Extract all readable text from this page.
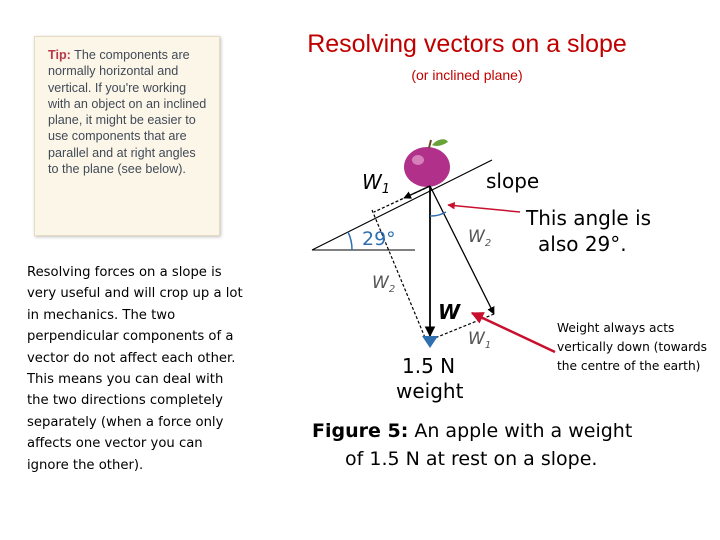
Tip: The components are normally horizontal and vertical. If you're working with an object on an inclined plane, it might be easier to use components that are parallel and at right angles to the plane (see below).
Resolving vectors on a slope
(or inclined plane)
Resolving forces on a slope is very useful and will crop up a lot in mechanics. The two perpendicular components of a vector do not affect each other. This means you can deal with the two directions completely separately (when a force only affects one vector you can ignore the other).
Weight always acts vertically down (towards the centre of the earth)
$W_1$	slope
29°	$W_2$
This angle is
also 29°.
$W_2$
W
$W_1$
1.5 N
weight
Figure 5: An apple with a weight
of 1.5 N at rest on a slope.
